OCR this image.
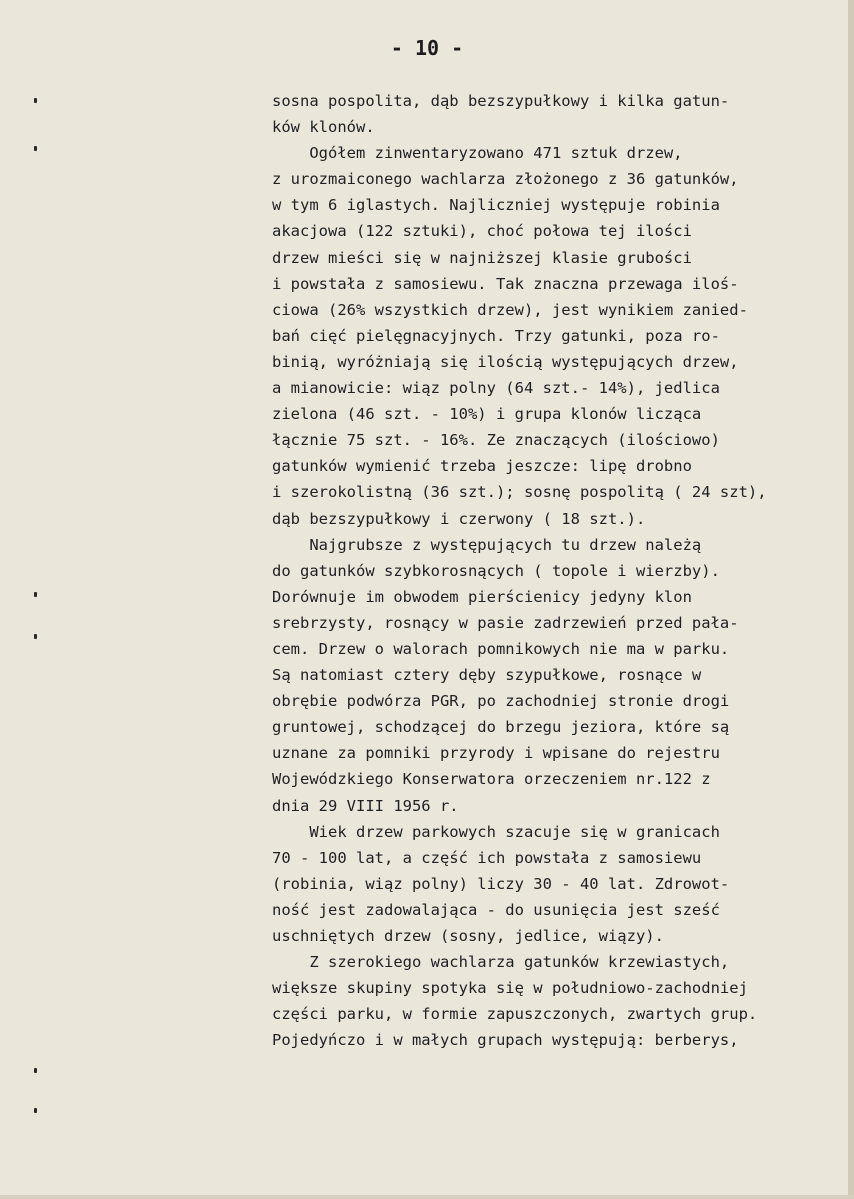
- 10 -
sosna pospolita, dąb bezszypułkowy i kilka gatun-
ków klonów.
Ogółem zinwentaryzowano 471 sztuk drzew,
z urozmaiconego wachlarza złożonego z 36 gatunków,
w tym 6 iglastych. Najliczniej występuje robinia
akacjowa (122 sztuki), choć połowa tej ilości
drzew mieści się w najniższej klasie grubości
i powstała z samosiewu. Tak znaczna przewaga iloś-
ciowa (26% wszystkich drzew), jest wynikiem zanied-
bań cięć pielęgnacyjnych. Trzy gatunki, poza ro-
binią, wyróżniają się ilością występujących drzew,
a mianowicie: wiąz polny (64 szt.- 14%), jedlica
zielona (46 szt. - 10%) i grupa klonów licząca
łącznie 75 szt. - 16%. Ze znaczących (ilościowo)
gatunków wymienić trzeba jeszcze: lipę drobno
i szerokolistną (36 szt.); sosnę pospolitą ( 24 szt),
dąb bezszypułkowy i czerwony ( 18 szt.).
Najgrubsze z występujących tu drzew należą
do gatunków szybkorosnących ( topole i wierzby).
Dorównuje im obwodem pierścienicy jedyny klon
srebrzysty, rosnący w pasie zadrzewień przed pała-
cem. Drzew o walorach pomnikowych nie ma w parku.
Są natomiast cztery dęby szypułkowe, rosnące w
obrębie podwórza PGR, po zachodniej stronie drogi
gruntowej, schodzącej do brzegu jeziora, które są
uznane za pomniki przyrody i wpisane do rejestru
Wojewódzkiego Konserwatora orzeczeniem nr.122 z
dnia 29 VIII 1956 r.
Wiek drzew parkowych szacuje się w granicach
70 - 100 lat, a część ich powstała z samosiewu
(robinia, wiąz polny) liczy 30 - 40 lat. Zdrowot-
ność jest zadowalająca - do usunięcia jest sześć
uschniętych drzew (sosny, jedlice, wiązy).
Z szerokiego wachlarza gatunków krzewiastych,
większe skupiny spotyka się w południowo-zachodniej
części parku, w formie zapuszczonych, zwartych grup.
Pojedyńczo i w małych grupach występują: berberys,
